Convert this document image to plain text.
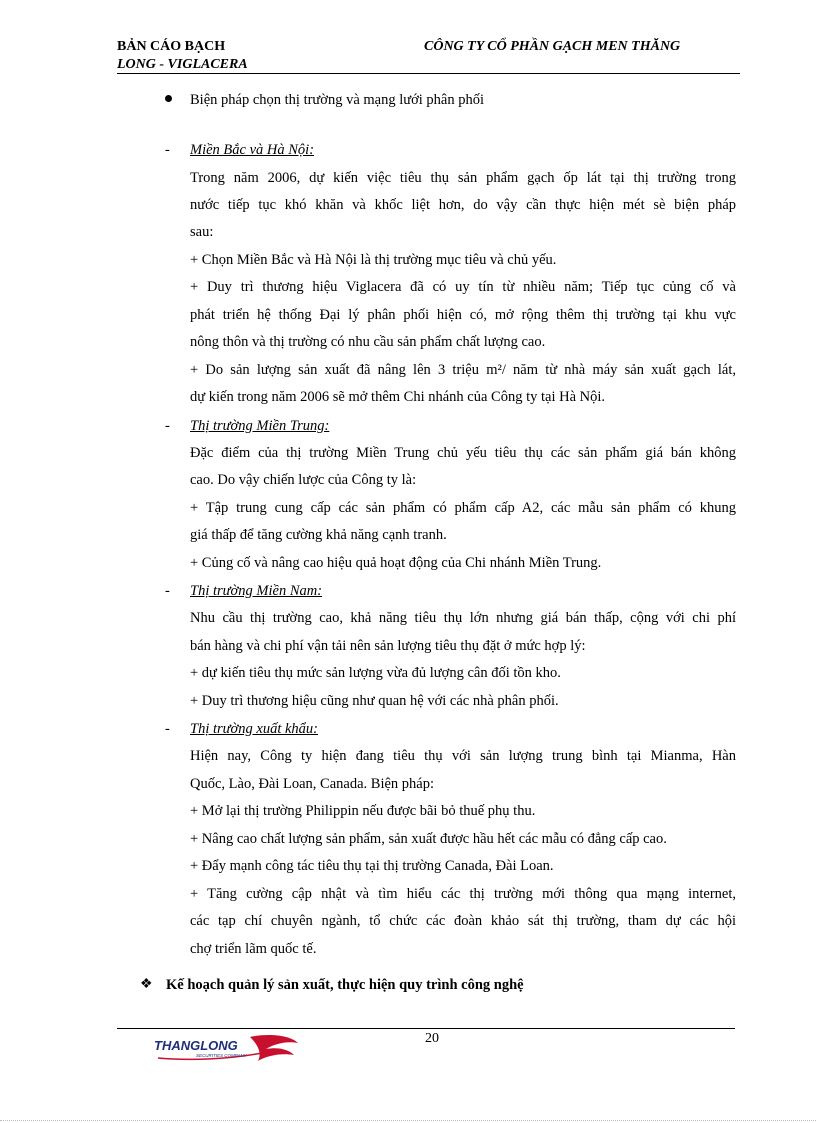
BẢN CÁO BẠCH
LONG - VIGLACERA
CÔNG TY CỔ PHẦN GẠCH MEN THĂNG
Biện pháp chọn thị trường và mạng lưới phân phối
- Miền Bắc và Hà Nội:
Trong năm 2006, dự kiến việc tiêu thụ sản phẩm gạch ốp lát tại thị trường trong
nước tiếp tục khó khăn và khốc liệt hơn, do vậy cần thực hiện mét sè biện pháp
sau:
+ Chọn Miền Bắc và Hà Nội là thị trường mục tiêu và chủ yếu.
+ Duy trì thương hiệu Viglacera đã có uy tín từ nhiều năm; Tiếp tục củng cố và
phát triển hệ thống Đại lý phân phối hiện có, mở rộng thêm thị trường tại khu vực
nông thôn và thị trường có nhu cầu sản phẩm chất lượng cao.
+ Do sản lượng sản xuất đã nâng lên 3 triệu m²/ năm từ nhà máy sản xuất gạch lát,
dự kiến trong năm 2006 sẽ mở thêm Chi nhánh của Công ty tại Hà Nội.
- Thị trường Miền Trung:
Đặc điểm của thị trường Miền Trung chủ yếu tiêu thụ các sản phẩm giá bán không
cao. Do vậy chiến lược của Công ty là:
+ Tập trung cung cấp các sản phẩm có phẩm cấp A2, các mẫu sản phẩm có khung
giá thấp để tăng cường khả năng cạnh tranh.
+ Củng cố và nâng cao hiệu quả hoạt động của Chi nhánh Miền Trung.
- Thị trường Miền Nam:
Nhu cầu thị trường cao, khả năng tiêu thụ lớn nhưng giá bán thấp, cộng với chi phí
bán hàng và chi phí vận tải nên sản lượng tiêu thụ đặt ở mức hợp lý:
+ dự kiến tiêu thụ mức sản lượng vừa đủ lượng cân đối tồn kho.
+ Duy trì thương hiệu cũng như quan hệ với các nhà phân phối.
- Thị trường xuất khẩu:
Hiện nay, Công ty hiện đang tiêu thụ với sản lượng trung bình tại Mianma, Hàn
Quốc, Lào, Đài Loan, Canada. Biện pháp:
+ Mở lại thị trường Philippin nếu được bãi bỏ thuế phụ thu.
+ Nâng cao chất lượng sản phẩm, sản xuất được hầu hết các mẫu có đẳng cấp cao.
+ Đẩy mạnh công tác tiêu thụ tại thị trường Canada, Đài Loan.
+ Tăng cường cập nhật và tìm hiểu các thị trường mới thông qua mạng internet,
các tạp chí chuyên ngành, tổ chức các đoàn khảo sát thị trường, tham dự các hội
chợ triển lãm quốc tế.
❖ Kế hoạch quản lý sản xuất, thực hiện quy trình công nghệ
20
THANGLONG
SECURITIES COMPANY
